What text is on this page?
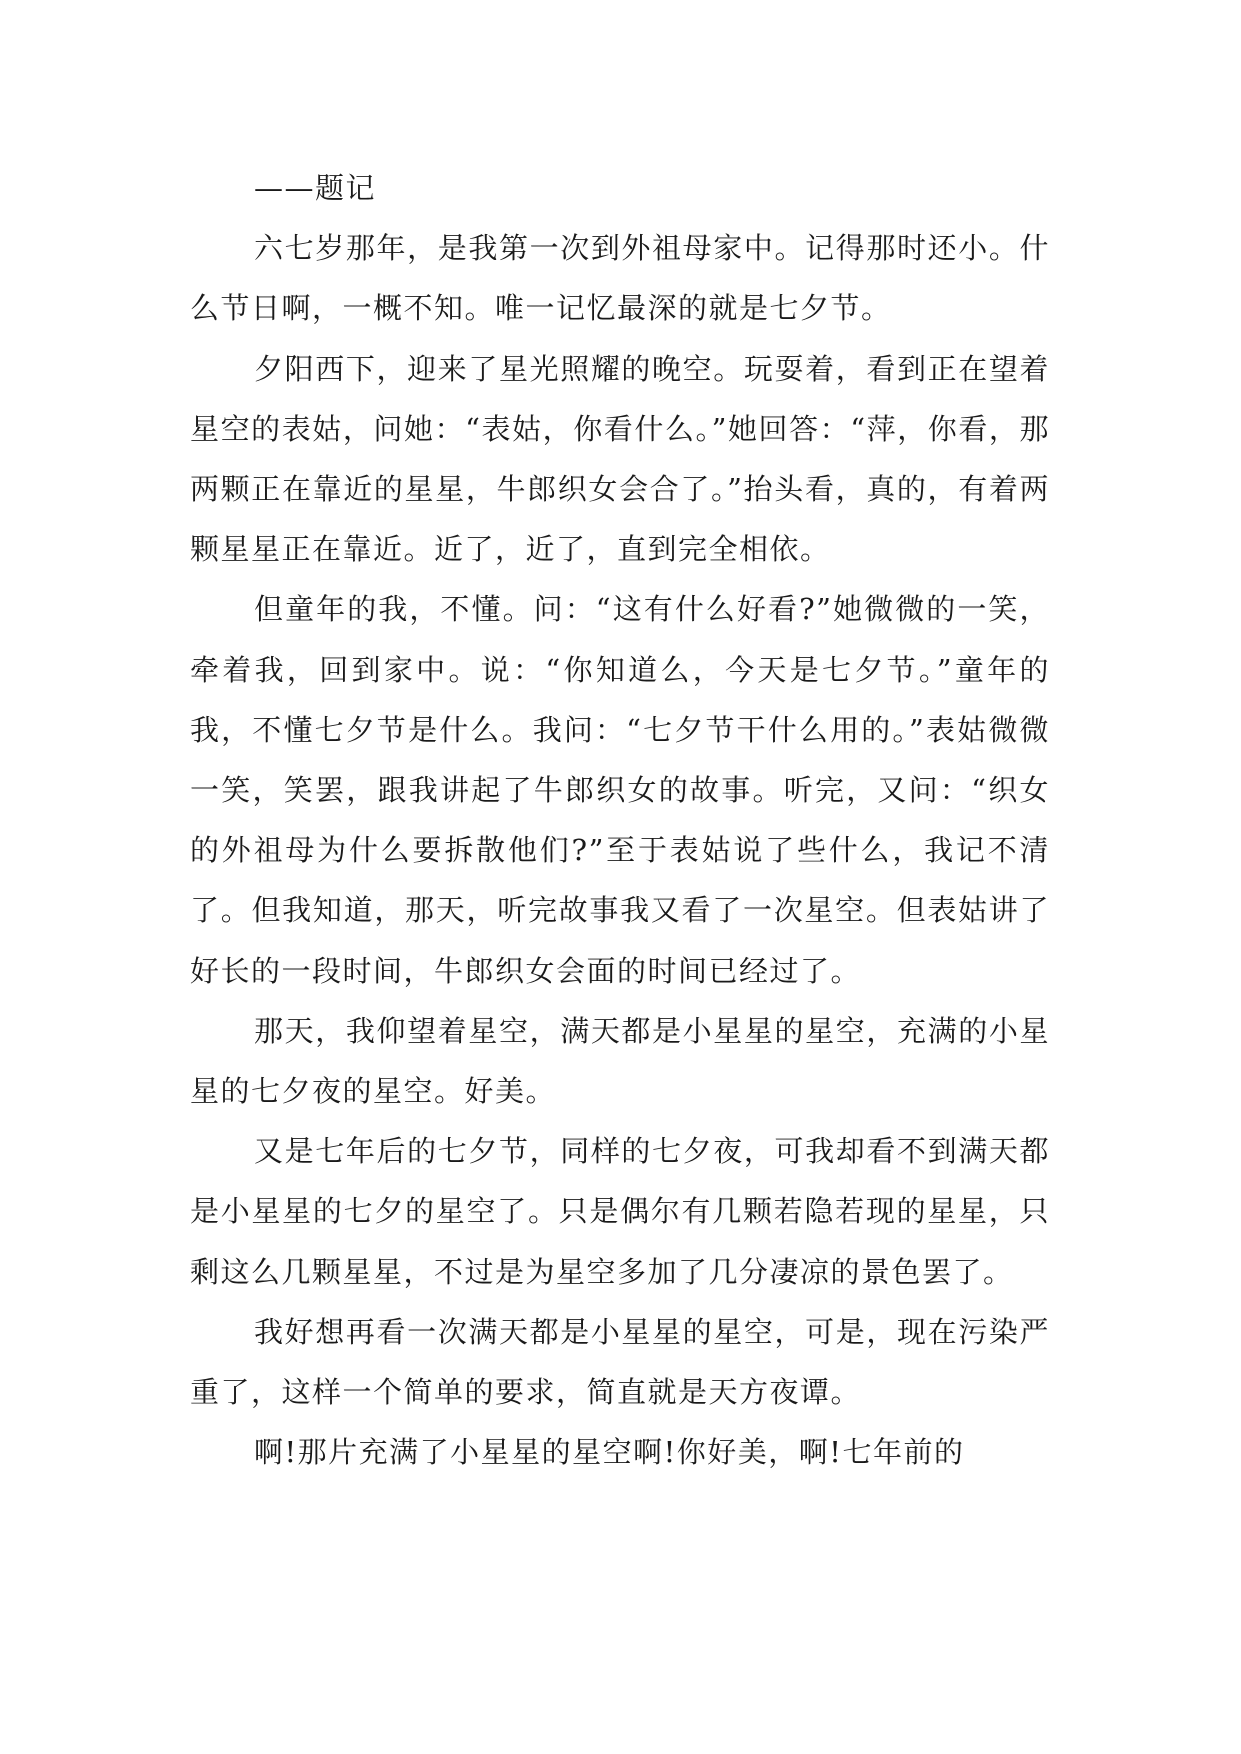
——题记

六七岁那年，是我第一次到外祖母家中。记得那时还小。什么节日啊，一概不知。唯一记忆最深的就是七夕节。

夕阳西下，迎来了星光照耀的晚空。玩耍着，看到正在望着星空的表姑，问她：“表姑，你看什么。”她回答：“萍，你看，那两颗正在靠近的星星，牛郎织女会合了。”抬头看，真的，有着两颗星星正在靠近。近了，近了，直到完全相依。

但童年的我，不懂。问：“这有什么好看?”她微微的一笑，牵着我，回到家中。说：“你知道么，今天是七夕节。”童年的我，不懂七夕节是什么。我问：“七夕节干什么用的。”表姑微微一笑，笑罢，跟我讲起了牛郎织女的故事。听完，又问：“织女的外祖母为什么要拆散他们?”至于表姑说了些什么，我记不清了。但我知道，那天，听完故事我又看了一次星空。但表姑讲了好长的一段时间，牛郎织女会面的时间已经过了。

那天，我仰望着星空，满天都是小星星的星空，充满的小星星的七夕夜的星空。好美。

又是七年后的七夕节，同样的七夕夜，可我却看不到满天都是小星星的七夕的星空了。只是偶尔有几颗若隐若现的星星，只剩这么几颗星星，不过是为星空多加了几分凄凉的景色罢了。

我好想再看一次满天都是小星星的星空，可是，现在污染严重了，这样一个简单的要求，简直就是天方夜谭。

啊!那片充满了小星星的星空啊!你好美，啊!七年前的
